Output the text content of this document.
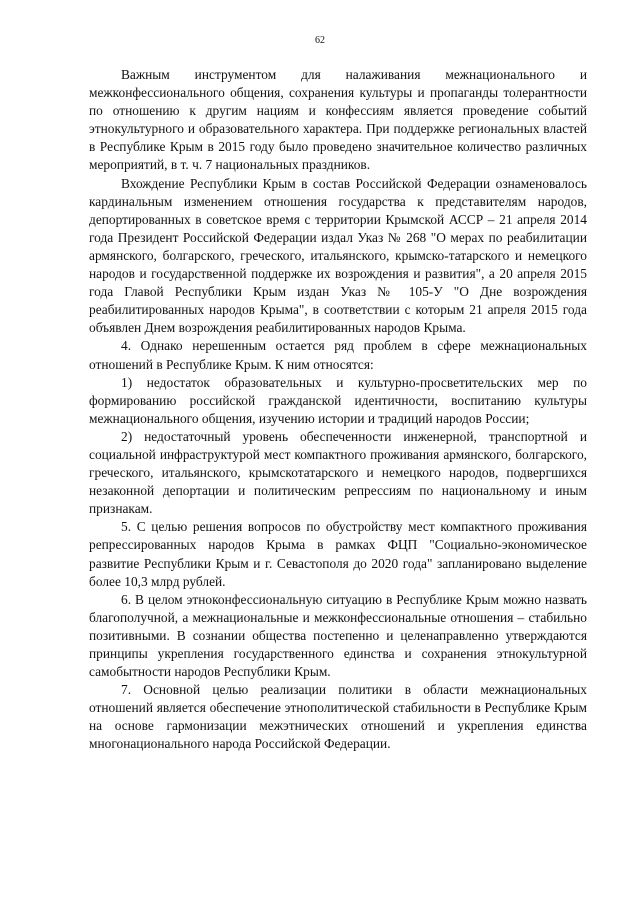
62

Важным инструментом для налаживания межнационального и межконфессионального общения, сохранения культуры и пропаганды толерантности по отношению к другим нациям и конфессиям является проведение событий этнокультурного и образовательного характера. При поддержке региональных властей в Республике Крым в 2015 году было проведено значительное количество различных мероприятий, в т. ч. 7 национальных праздников.

Вхождение Республики Крым в состав Российской Федерации ознаменовалось кардинальным изменением отношения государства к представителям народов, депортированных в советское время с территории Крымской АССР – 21 апреля 2014 года Президент Российской Федерации издал Указ № 268 "О мерах по реабилитации армянского, болгарского, греческого, итальянского, крымско-татарского и немецкого народов и государственной поддержке их возрождения и развития", а 20 апреля 2015 года Главой Республики Крым издан Указ № 105-У "О Дне возрождения реабилитированных народов Крыма", в соответствии с которым 21 апреля 2015 года объявлен Днем возрождения реабилитированных народов Крыма.

4. Однако нерешенным остается ряд проблем в сфере межнациональных отношений в Республике Крым. К ним относятся:

1) недостаток образовательных и культурно-просветительских мер по формированию российской гражданской идентичности, воспитанию культуры межнационального общения, изучению истории и традиций народов России;

2) недостаточный уровень обеспеченности инженерной, транспортной и социальной инфраструктурой мест компактного проживания армянского, болгарского, греческого, итальянского, крымскотатарского и немецкого народов, подвергшихся незаконной депортации и политическим репрессиям по национальному и иным признакам.

5. С целью решения вопросов по обустройству мест компактного проживания репрессированных народов Крыма в рамках ФЦП "Социально-экономическое развитие Республики Крым и г. Севастополя до 2020 года" запланировано выделение более 10,3 млрд рублей.

6. В целом этноконфессиональную ситуацию в Республике Крым можно назвать благополучной, а межнациональные и межконфессиональные отношения – стабильно позитивными. В сознании общества постепенно и целенаправленно утверждаются принципы укрепления государственного единства и сохранения этнокультурной самобытности народов Республики Крым.

7. Основной целью реализации политики в области межнациональных отношений является обеспечение этнополитической стабильности в Республике Крым на основе гармонизации межэтнических отношений и укрепления единства многонационального народа Российской Федерации.
